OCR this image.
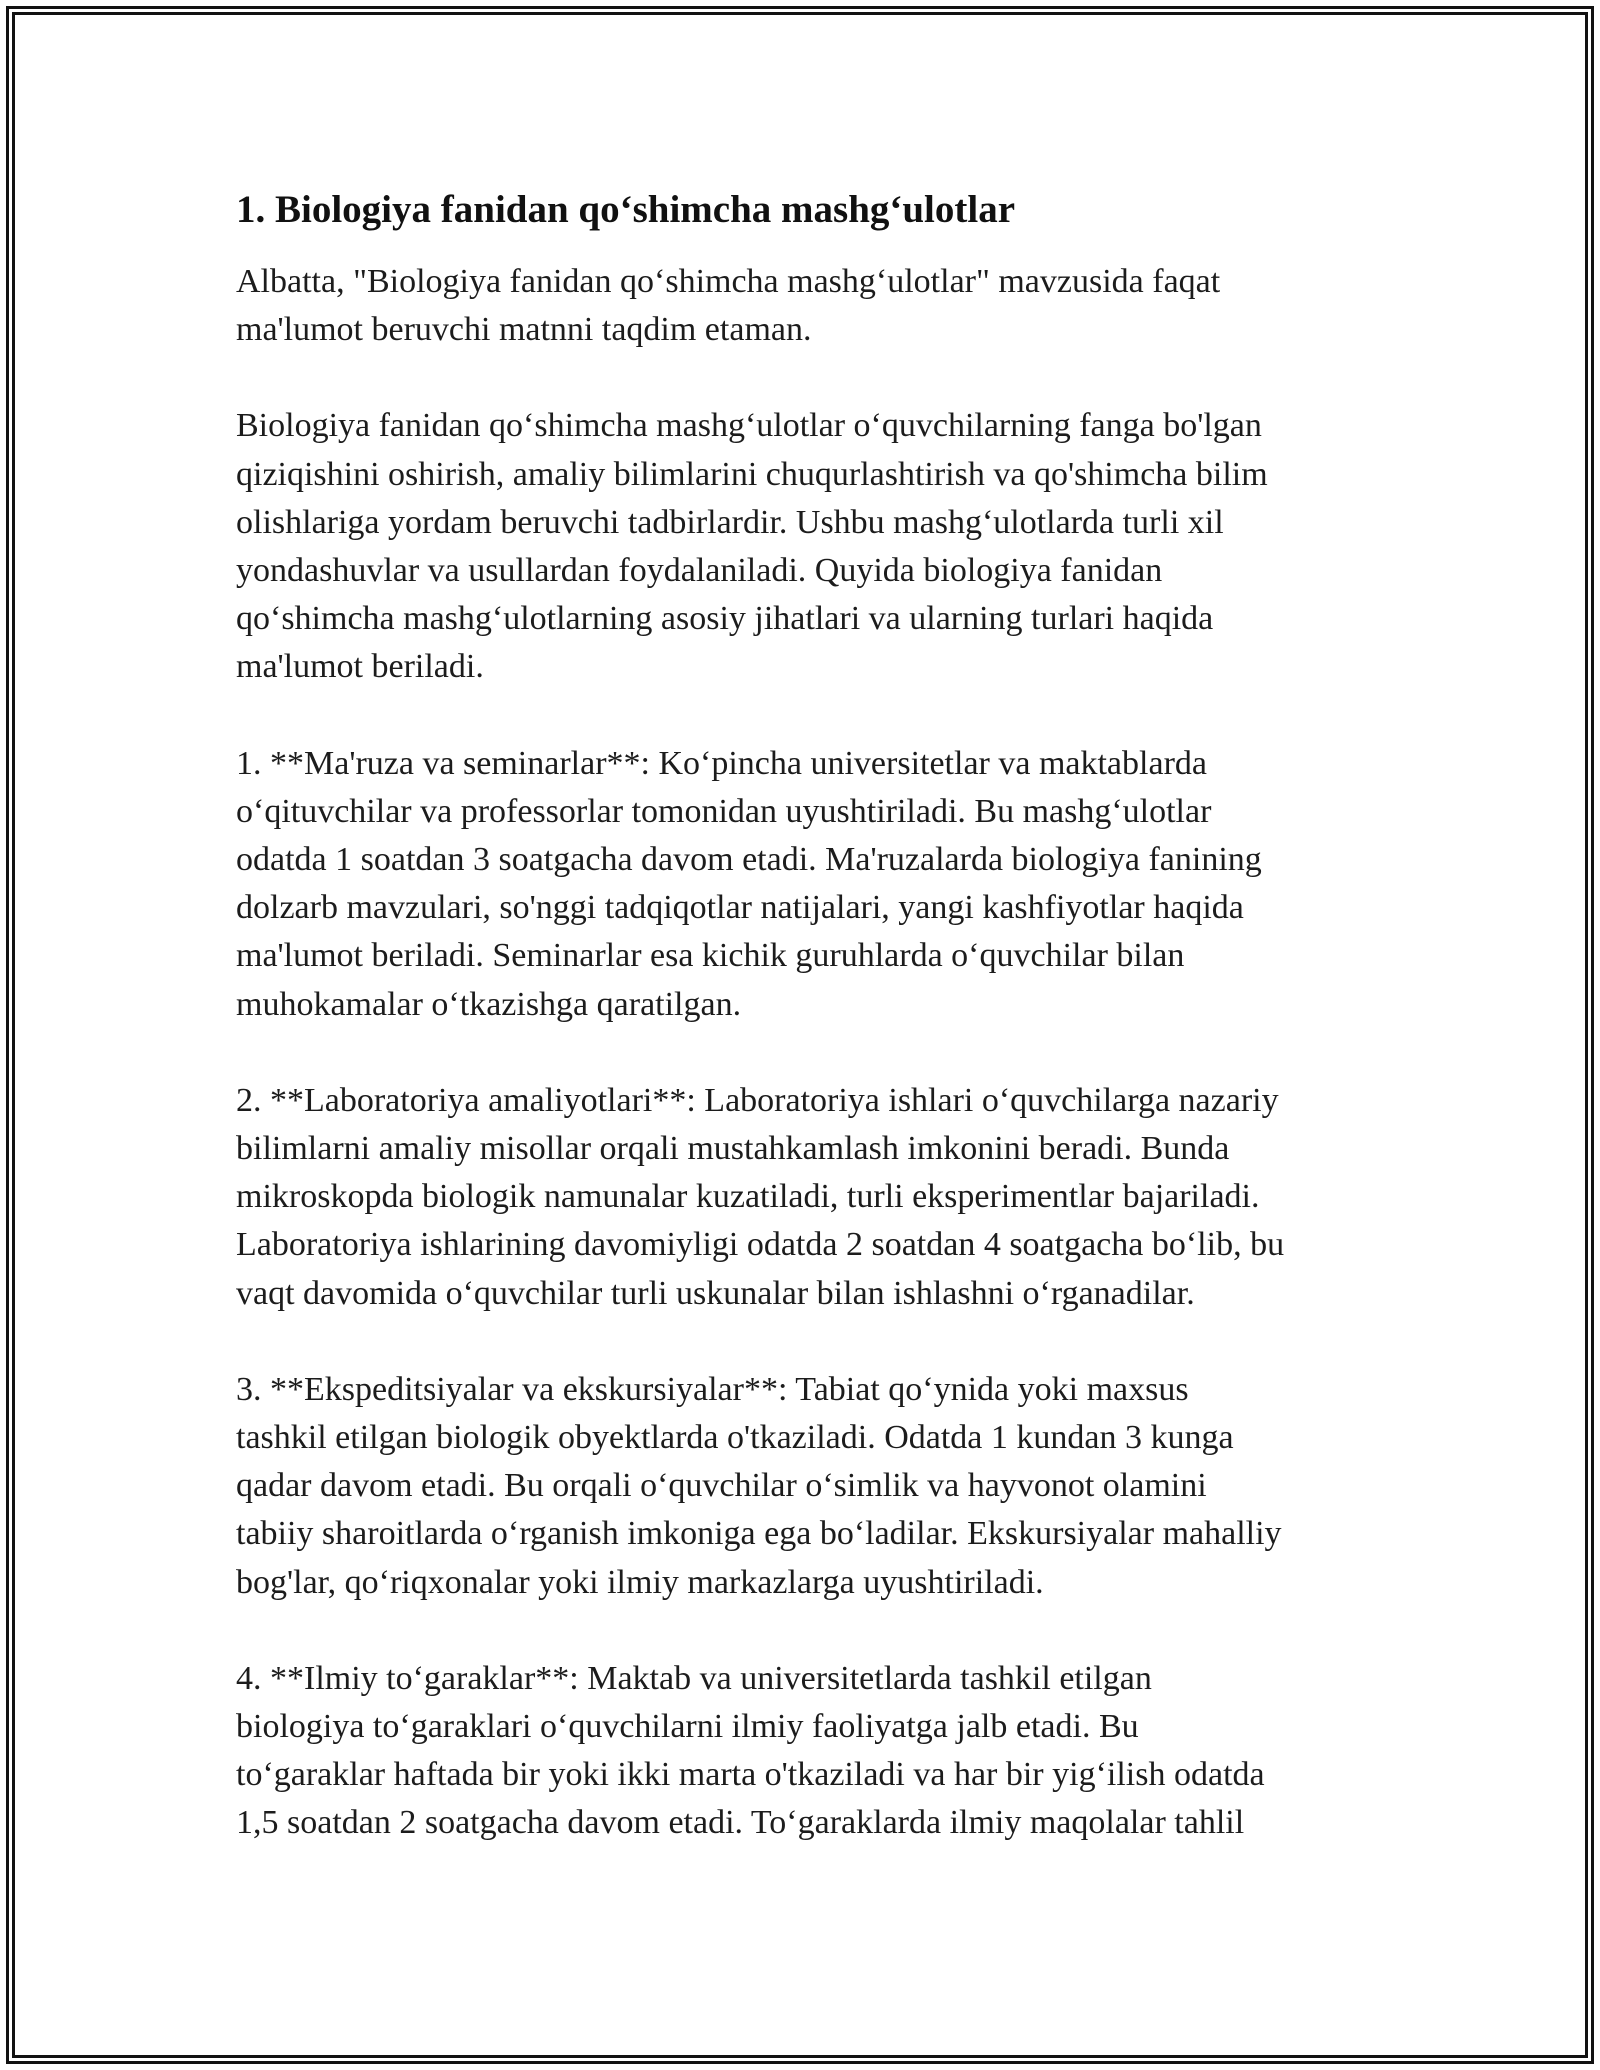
1. Biologiya fanidan qo‘shimcha mashg‘ulotlar

Albatta, "Biologiya fanidan qo‘shimcha mashg‘ulotlar" mavzusida faqat
ma'lumot beruvchi matnni taqdim etaman.

Biologiya fanidan qo‘shimcha mashg‘ulotlar o‘quvchilarning fanga bo'lgan
qiziqishini oshirish, amaliy bilimlarini chuqurlashtirish va qo'shimcha bilim
olishlariga yordam beruvchi tadbirlardir. Ushbu mashg‘ulotlarda turli xil
yondashuvlar va usullardan foydalaniladi. Quyida biologiya fanidan
qo‘shimcha mashg‘ulotlarning asosiy jihatlari va ularning turlari haqida
ma'lumot beriladi.

1. **Ma'ruza va seminarlar**: Ko‘pincha universitetlar va maktablarda
o‘qituvchilar va professorlar tomonidan uyushtiriladi. Bu mashg‘ulotlar
odatda 1 soatdan 3 soatgacha davom etadi. Ma'ruzalarda biologiya fanining
dolzarb mavzulari, so'nggi tadqiqotlar natijalari, yangi kashfiyotlar haqida
ma'lumot beriladi. Seminarlar esa kichik guruhlarda o‘quvchilar bilan
muhokamalar o‘tkazishga qaratilgan.

2. **Laboratoriya amaliyotlari**: Laboratoriya ishlari o‘quvchilarga nazariy
bilimlarni amaliy misollar orqali mustahkamlash imkonini beradi. Bunda
mikroskopda biologik namunalar kuzatiladi, turli eksperimentlar bajariladi.
Laboratoriya ishlarining davomiyligi odatda 2 soatdan 4 soatgacha bo‘lib, bu
vaqt davomida o‘quvchilar turli uskunalar bilan ishlashni o‘rganadilar.

3. **Ekspeditsiyalar va ekskursiyalar**: Tabiat qo‘ynida yoki maxsus
tashkil etilgan biologik obyektlarda o'tkaziladi. Odatda 1 kundan 3 kunga
qadar davom etadi. Bu orqali o‘quvchilar o‘simlik va hayvonot olamini
tabiiy sharoitlarda o‘rganish imkoniga ega bo‘ladilar. Ekskursiyalar mahalliy
bog'lar, qo‘riqxonalar yoki ilmiy markazlarga uyushtiriladi.

4. **Ilmiy to‘garaklar**: Maktab va universitetlarda tashkil etilgan
biologiya to‘garaklari o‘quvchilarni ilmiy faoliyatga jalb etadi. Bu
to‘garaklar haftada bir yoki ikki marta o'tkaziladi va har bir yig‘ilish odatda
1,5 soatdan 2 soatgacha davom etadi. To‘garaklarda ilmiy maqolalar tahlil
